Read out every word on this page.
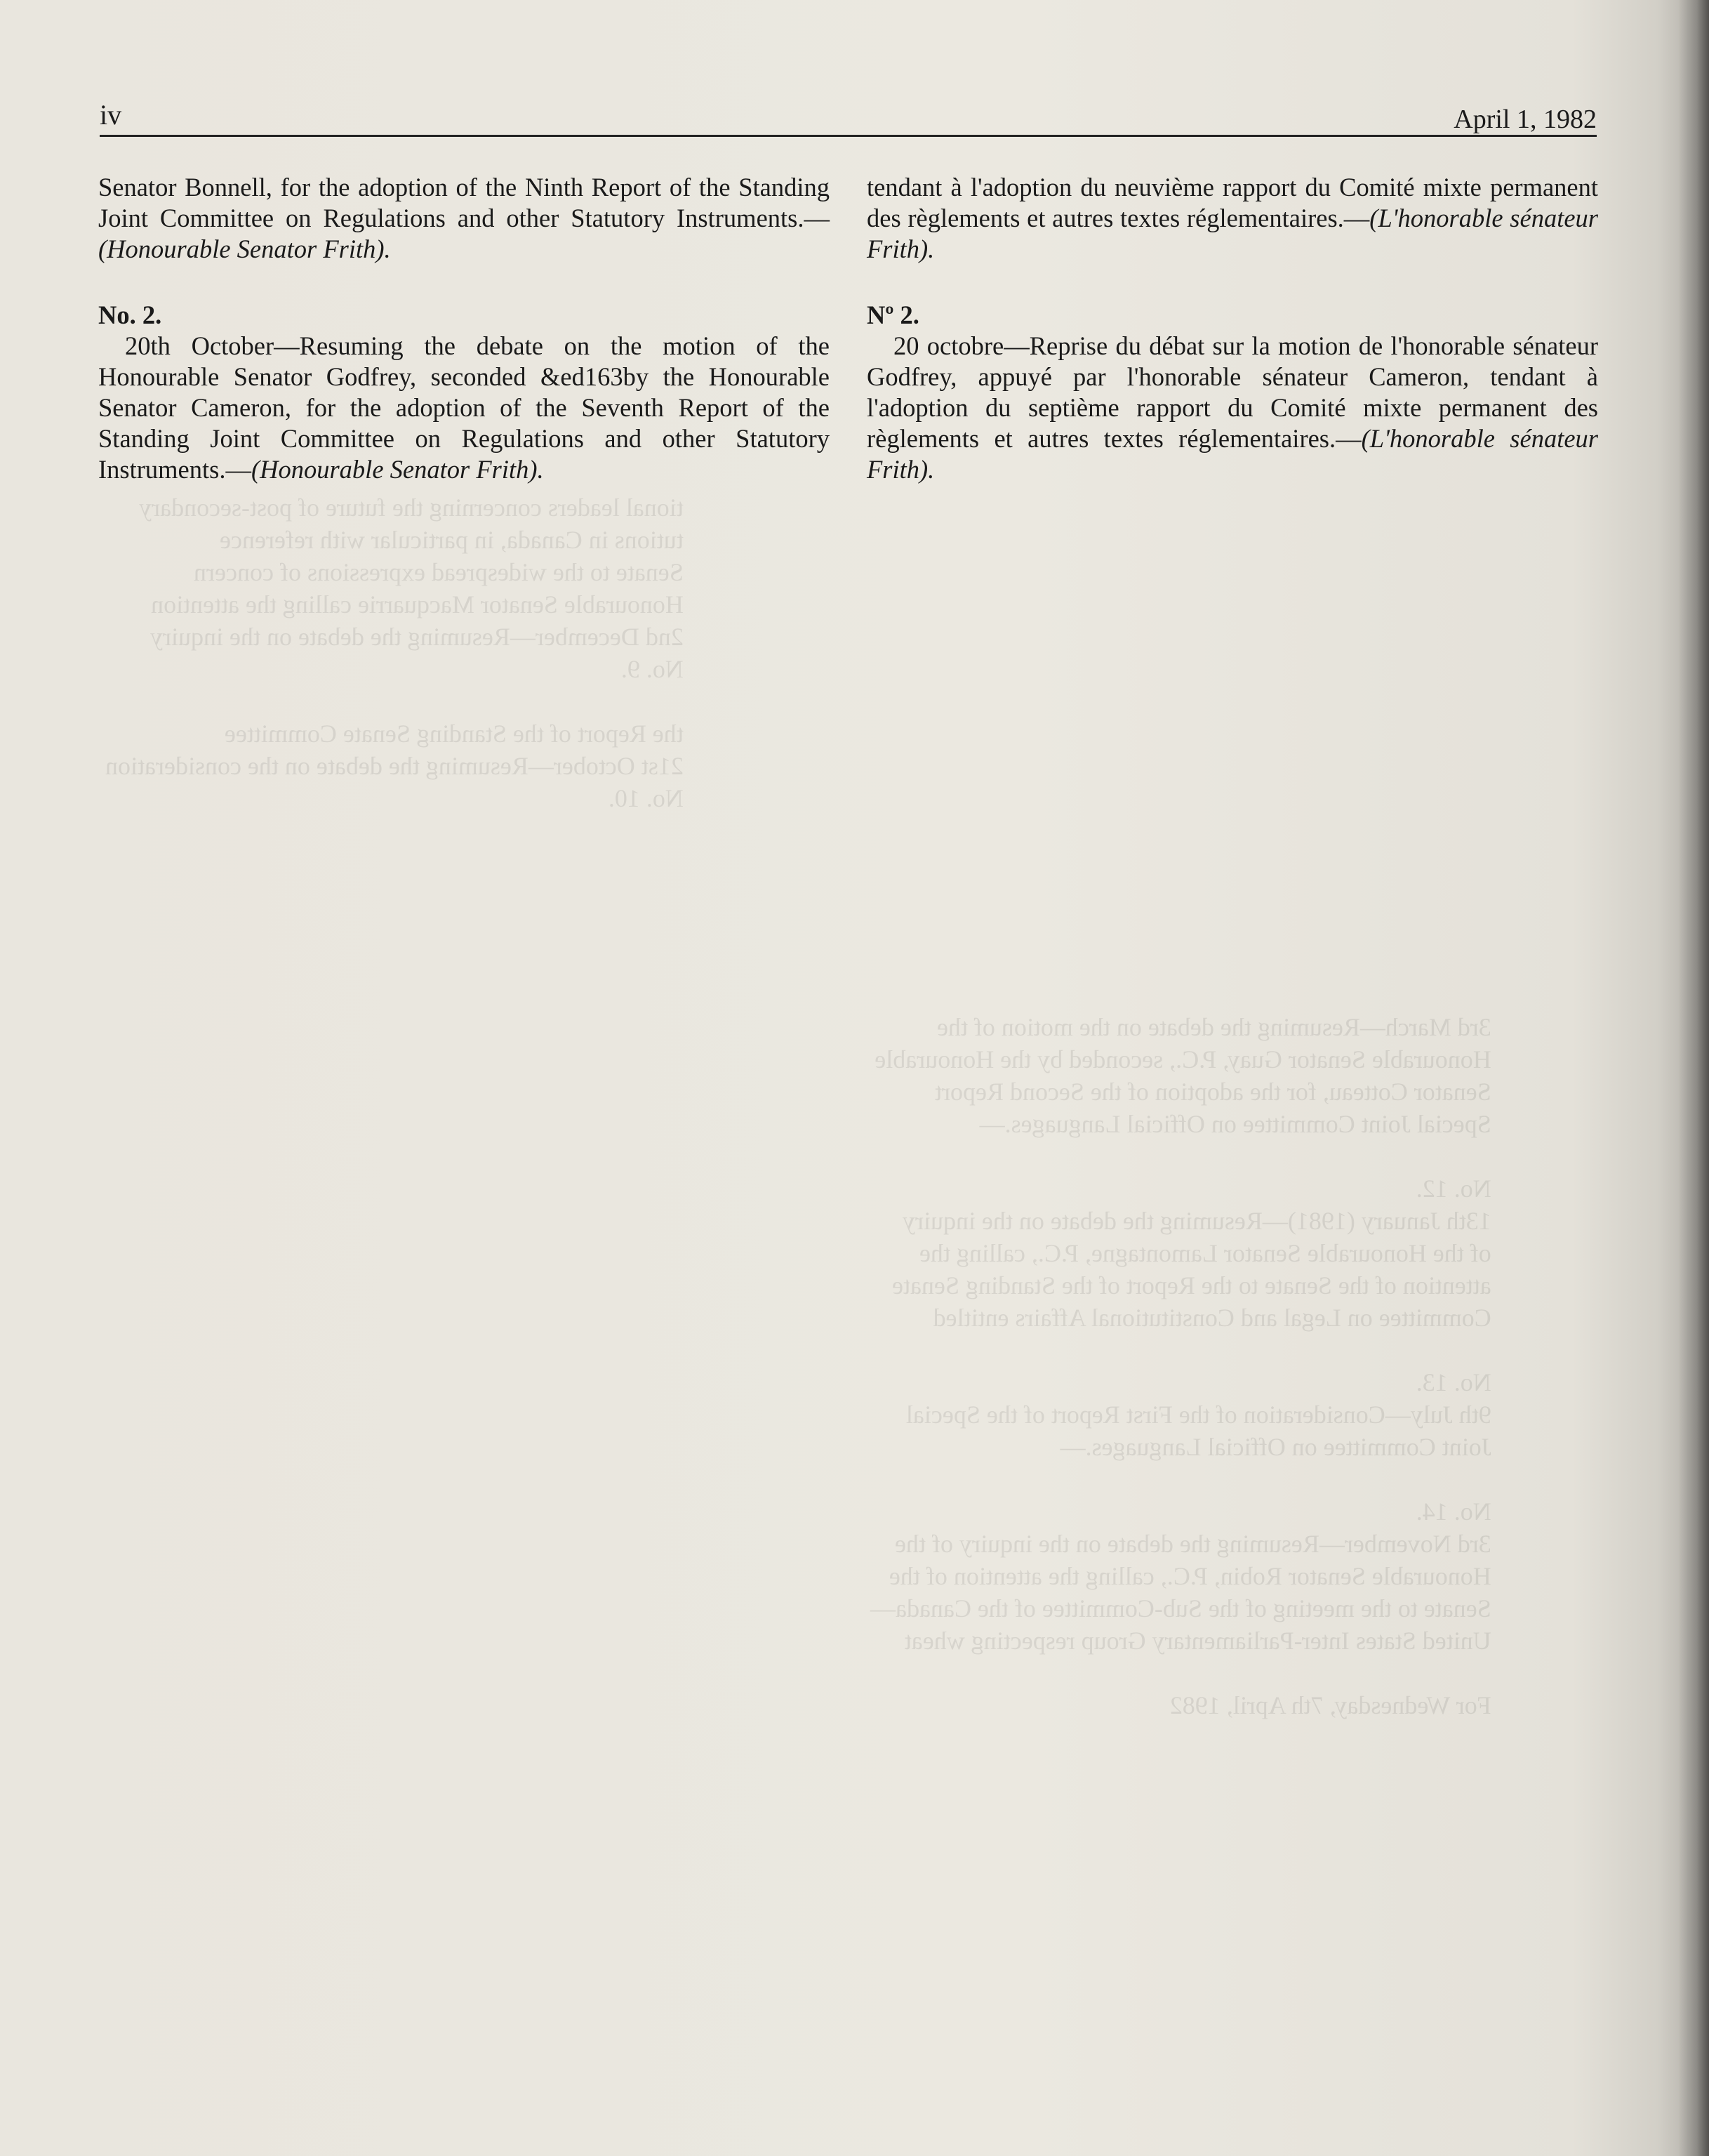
tional leaders concerning the future of post-secondary
tutions in Canada, in particular with reference
Senate to the widespread expressions of concern
Honourable Senator Macquarrie calling the attention
2nd December—Resuming the debate on the inquiry
No. 9.

the Report of the Standing Senate Committee
21st October—Resuming the debate on the consideration
No. 10.
3rd March—Resuming the debate on the motion of the
Honourable Senator Guay, P.C., seconded by the Honourable
Senator Cotteau, for the adoption of the Second Report
Special Joint Committee on Official Languages.—

No. 12.
13th January (1981)—Resuming the debate on the inquiry
of the Honourable Senator Lamontagne, P.C., calling the
attention of the Senate to the Report of the Standing Senate
Committee on Legal and Constitutional Affairs entitled

No. 13.
9th July—Consideration of the First Report of the Special
Joint Committee on Official Languages.—

No. 14.
3rd November—Resuming the debate on the inquiry of the
Honourable Senator Robin, P.C., calling the attention of the
Senate to the meeting of the Sub-Committee of the Canada—
United States Inter-Parliamentary Group respecting wheat

For Wednesday, 7th April, 1982
iv	April 1, 1982

Senator Bonnell, for the adoption of the Ninth Report of the Standing Joint Committee on Regulations and other Statutory Instruments.—(Honourable Senator Frith).

No. 2.

20th October—Resuming the debate on the motion of the Honourable Senator Godfrey, seconded &ed163by the Honourable Senator Cameron, for the adoption of the Seventh Report of the Standing Joint Committee on Regulations and other Statutory Instruments.—(Honourable Senator Frith).

tendant à l'adoption du neuvième rapport du Comité mixte permanent des règlements et autres textes réglementaires.—(L'honorable sénateur Frith).

Nº 2.

20 octobre—Reprise du débat sur la motion de l'honorable sénateur Godfrey, appuyé par l'honorable sénateur Cameron, tendant à l'adoption du septième rapport du Comité mixte permanent des règlements et autres textes réglementaires.—(L'honorable sénateur Frith).
